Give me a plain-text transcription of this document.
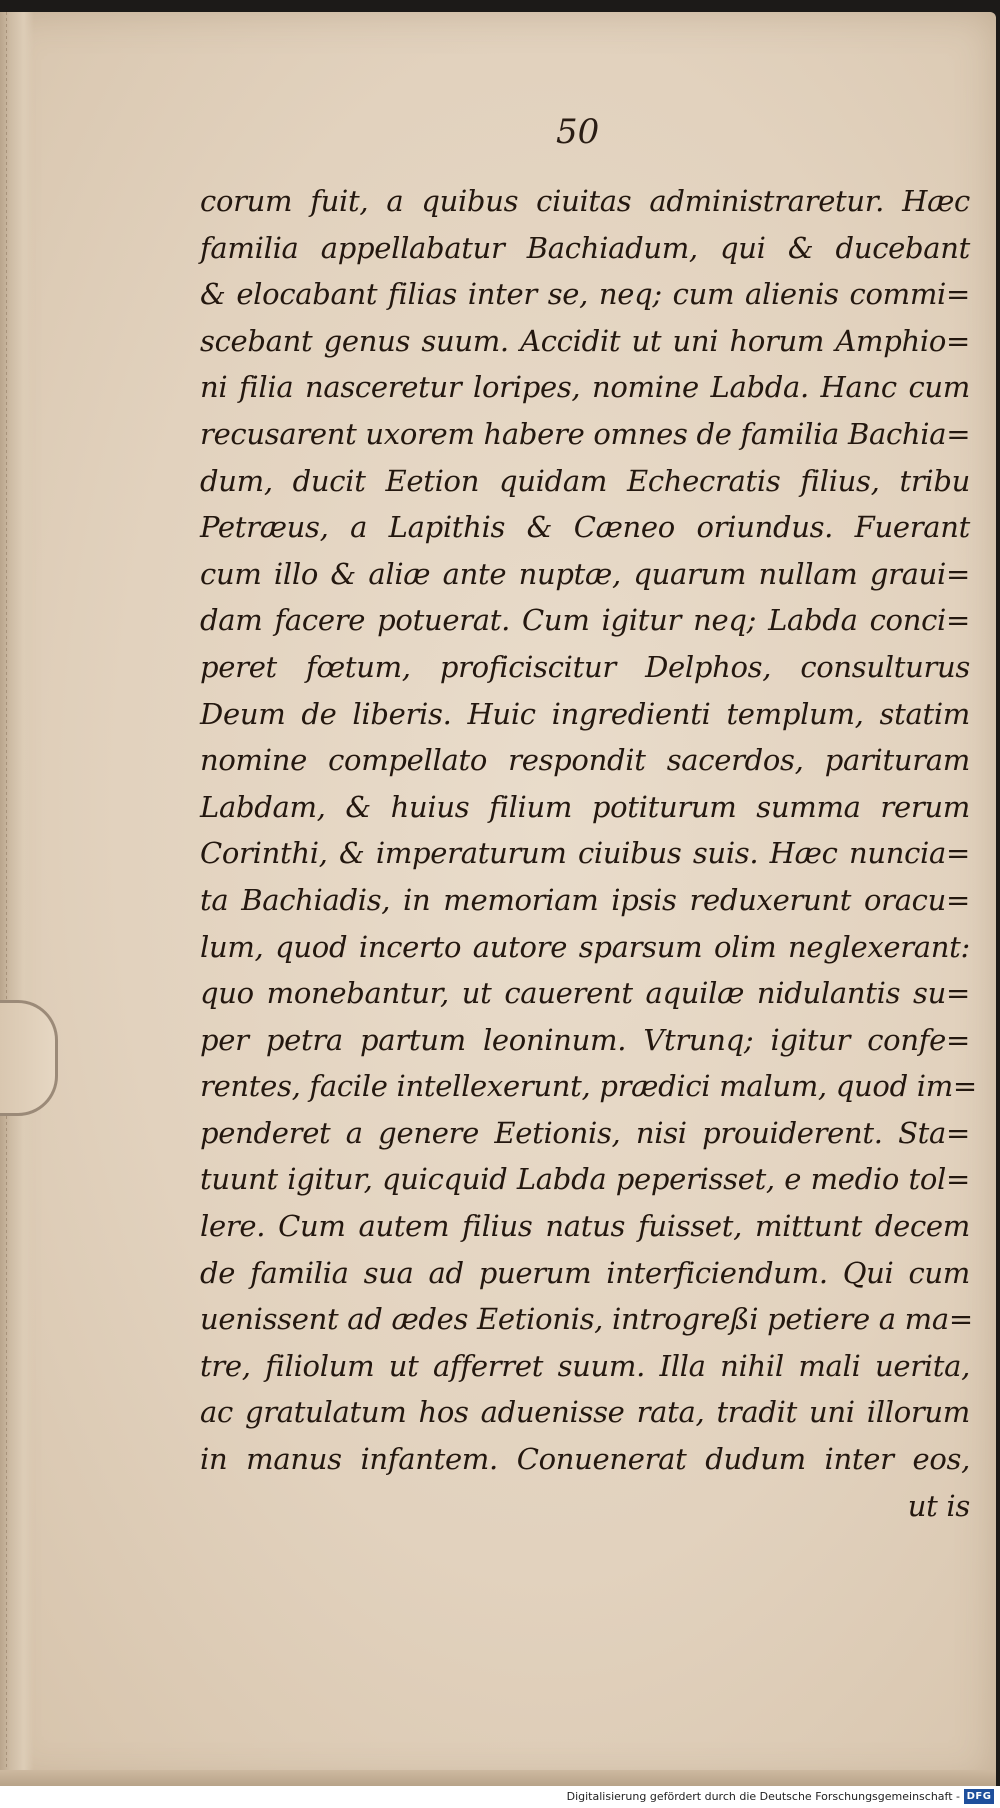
50
corum fuit, a quibus ciuitas administraretur. Hæc
familia appellabatur Bachiadum, qui & ducebant
& elocabant filias inter se, neq; cum alienis commi=
scebant genus suum. Accidit ut uni horum Amphio=
ni filia nasceretur loripes, nomine Labda. Hanc cum
recusarent uxorem habere omnes de familia Bachia=
dum, ducit Eetion quidam Echecratis filius, tribu
Petræus, a Lapithis & Cæneo oriundus. Fuerant
cum illo & aliæ ante nuptæ, quarum nullam graui=
dam facere potuerat. Cum igitur neq; Labda conci=
peret fœtum, proficiscitur Delphos, consulturus
Deum de liberis. Huic ingredienti templum, statim
nomine compellato respondit sacerdos, parituram
Labdam, & huius filium potiturum summa rerum
Corinthi, & imperaturum ciuibus suis. Hæc nuncia=
ta Bachiadis, in memoriam ipsis reduxerunt oracu=
lum, quod incerto autore sparsum olim neglexerant:
quo monebantur, ut cauerent aquilæ nidulantis su=
per petra partum leoninum. Vtrunq; igitur confe=
rentes, facile intellexerunt, prædici malum, quod im=
penderet a genere Eetionis, nisi prouiderent. Sta=
tuunt igitur, quicquid Labda peperisset, e medio tol=
lere. Cum autem filius natus fuisset, mittunt decem
de familia sua ad puerum interficiendum. Qui cum
uenissent ad ædes Eetionis, introgreßi petiere a ma=
tre, filiolum ut afferret suum. Illa nihil mali uerita,
ac gratulatum hos aduenisse rata, tradit uni illorum
in manus infantem. Conuenerat dudum inter eos,
ut is
Digitalisierung gefördert durch die Deutsche Forschungsgemeinschaft - DFG
